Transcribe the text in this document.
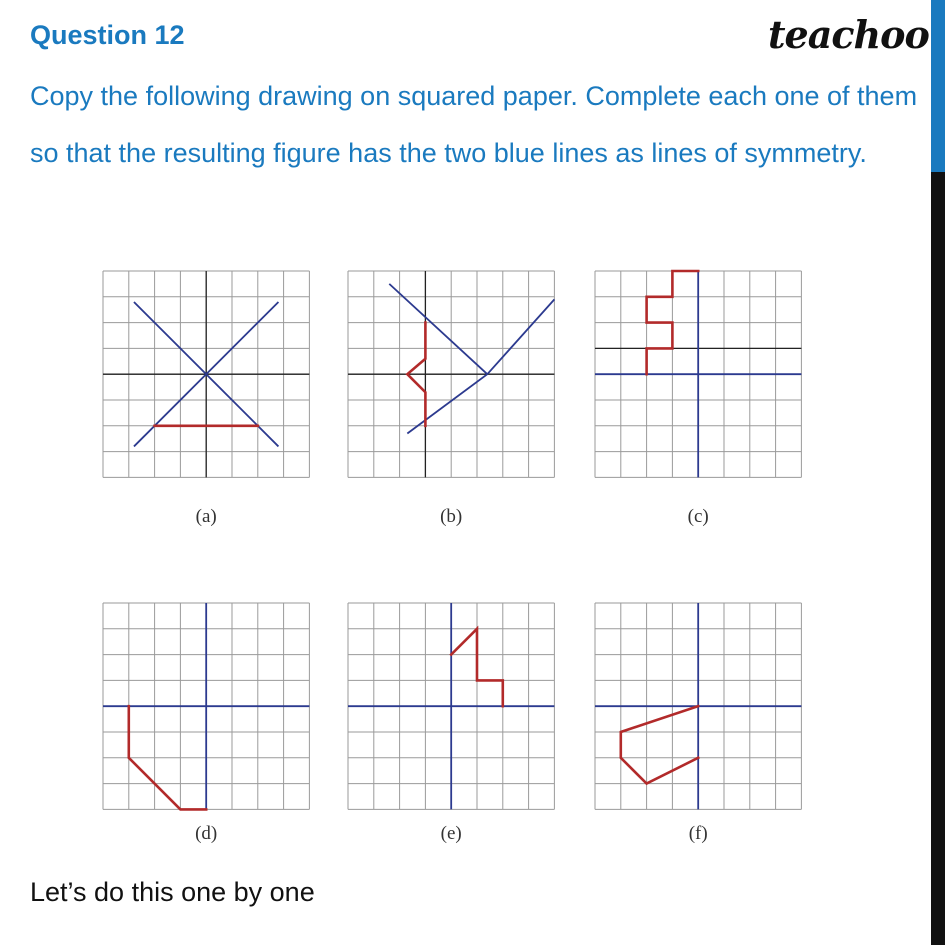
Question 12	teachoo
Copy the following drawing on squared paper. Complete each one of them so that the resulting figure has the two blue lines as lines of symmetry.
(a)	(b)	(c)
(d)	(e)	(f)
Let’s do this one by one
